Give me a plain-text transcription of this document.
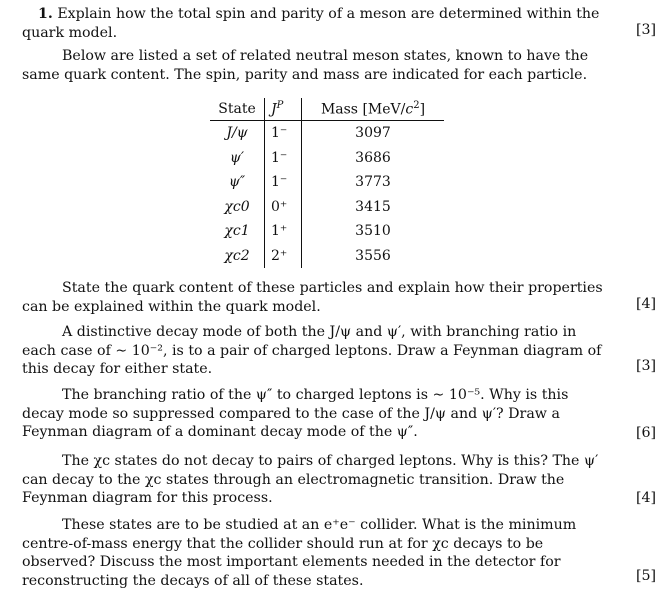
1. Explain how the total spin and parity of a meson are determined within the quark model.	[3]
Below are listed a set of related neutral meson states, known to have the same quark content. The spin, parity and mass are indicated for each particle.
State	$J^P$	Mass $[MeV/c^2]$
J/ψ	1⁻	3097
ψ′	1⁻	3686
ψ″	1⁻	3773
χc0	0⁺	3415
χc1	1⁺	3510
χc2	2⁺	3556
State the quark content of these particles and explain how their properties can be explained within the quark model.	[4]
A distinctive decay mode of both the J/ψ and ψ′, with branching ratio in each case of ∼ 10⁻², is to a pair of charged leptons. Draw a Feynman diagram of this decay for either state.	[3]
The branching ratio of the ψ″ to charged leptons is ∼ 10⁻⁵. Why is this decay mode so suppressed compared to the case of the J/ψ and ψ′? Draw a Feynman diagram of a dominant decay mode of the ψ″.	[6]
The χc states do not decay to pairs of charged leptons. Why is this? The ψ′ can decay to the χc states through an electromagnetic transition. Draw the Feynman diagram for this process.	[4]
These states are to be studied at an e⁺e⁻ collider. What is the minimum centre-of-mass energy that the collider should run at for χc decays to be observed? Discuss the most important elements needed in the detector for reconstructing the decays of all of these states.	[5]
